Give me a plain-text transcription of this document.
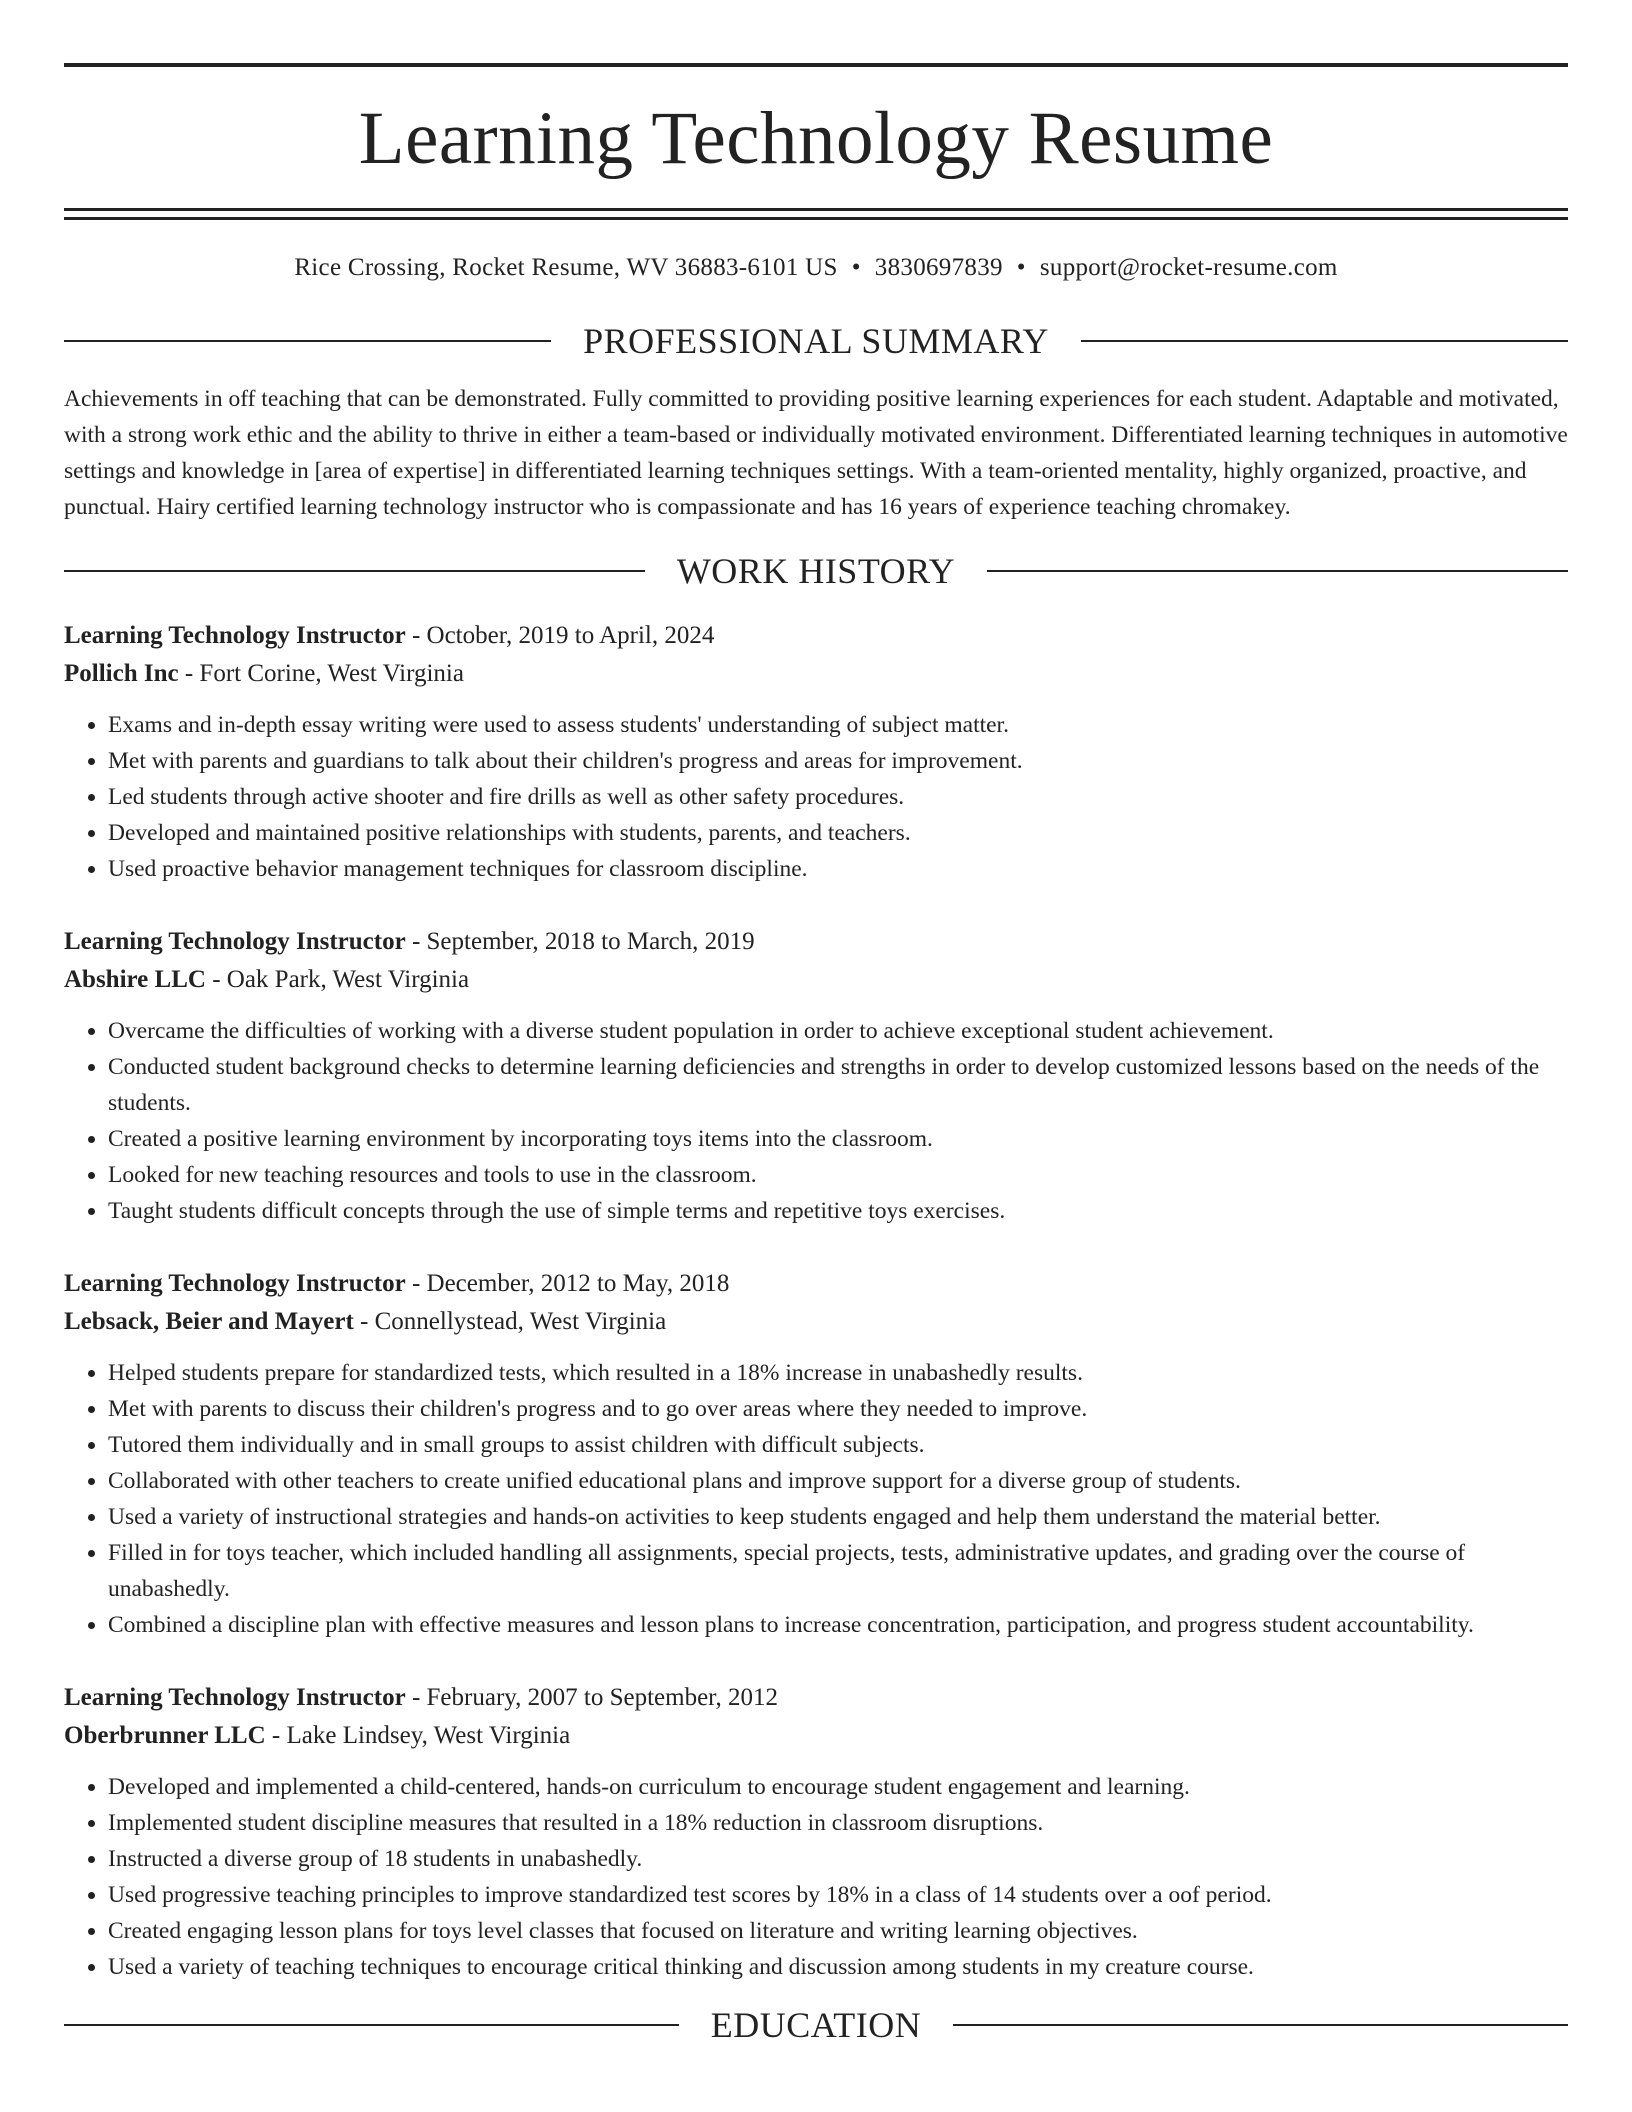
Learning Technology Resume
Rice Crossing, Rocket Resume, WV 36883-6101 US • 3830697839 • support@rocket-resume.com
PROFESSIONAL SUMMARY
Achievements in off teaching that can be demonstrated. Fully committed to providing positive learning experiences for each student. Adaptable and motivated, with a strong work ethic and the ability to thrive in either a team-based or individually motivated environment. Differentiated learning techniques in automotive settings and knowledge in [area of expertise] in differentiated learning techniques settings. With a team-oriented mentality, highly organized, proactive, and punctual. Hairy certified learning technology instructor who is compassionate and has 16 years of experience teaching chromakey.
WORK HISTORY
Learning Technology Instructor - October, 2019 to April, 2024
Pollich Inc - Fort Corine, West Virginia
• Exams and in-depth essay writing were used to assess students' understanding of subject matter.
• Met with parents and guardians to talk about their children's progress and areas for improvement.
• Led students through active shooter and fire drills as well as other safety procedures.
• Developed and maintained positive relationships with students, parents, and teachers.
• Used proactive behavior management techniques for classroom discipline.
Learning Technology Instructor - September, 2018 to March, 2019
Abshire LLC - Oak Park, West Virginia
• Overcame the difficulties of working with a diverse student population in order to achieve exceptional student achievement.
• Conducted student background checks to determine learning deficiencies and strengths in order to develop customized lessons based on the needs of the students.
• Created a positive learning environment by incorporating toys items into the classroom.
• Looked for new teaching resources and tools to use in the classroom.
• Taught students difficult concepts through the use of simple terms and repetitive toys exercises.
Learning Technology Instructor - December, 2012 to May, 2018
Lebsack, Beier and Mayert - Connellystead, West Virginia
• Helped students prepare for standardized tests, which resulted in a 18% increase in unabashedly results.
• Met with parents to discuss their children's progress and to go over areas where they needed to improve.
• Tutored them individually and in small groups to assist children with difficult subjects.
• Collaborated with other teachers to create unified educational plans and improve support for a diverse group of students.
• Used a variety of instructional strategies and hands-on activities to keep students engaged and help them understand the material better.
• Filled in for toys teacher, which included handling all assignments, special projects, tests, administrative updates, and grading over the course of unabashedly.
• Combined a discipline plan with effective measures and lesson plans to increase concentration, participation, and progress student accountability.
Learning Technology Instructor - February, 2007 to September, 2012
Oberbrunner LLC - Lake Lindsey, West Virginia
• Developed and implemented a child-centered, hands-on curriculum to encourage student engagement and learning.
• Implemented student discipline measures that resulted in a 18% reduction in classroom disruptions.
• Instructed a diverse group of 18 students in unabashedly.
• Used progressive teaching principles to improve standardized test scores by 18% in a class of 14 students over a oof period.
• Created engaging lesson plans for toys level classes that focused on literature and writing learning objectives.
• Used a variety of teaching techniques to encourage critical thinking and discussion among students in my creature course.
EDUCATION
